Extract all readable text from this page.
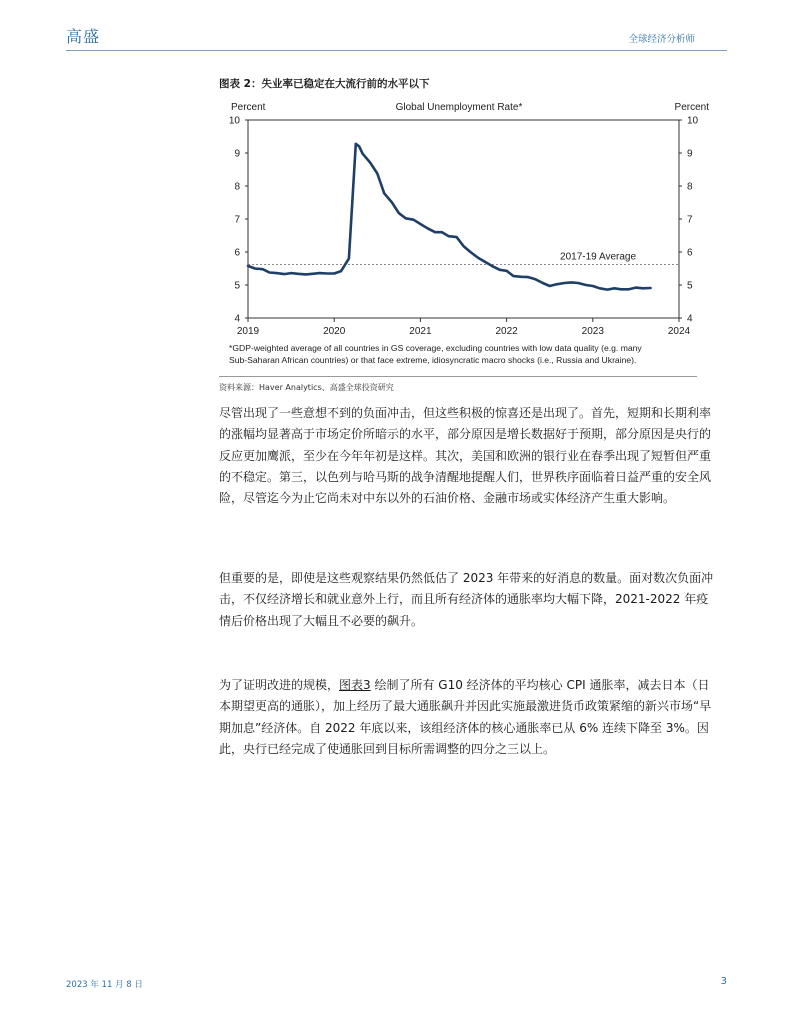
高盛	全球经济分析师
图表 2：失业率已稳定在大流行前的水平以下
Global Unemployment Rate*
Percent	Percent
*GDP-weighted average of all countries in GS coverage, excluding countries with low data quality (e.g. many
Sub-Saharan African countries) or that face extreme, idiosyncratic macro shocks (i.e., Russia and Ukraine).
4	4
5	5
6	6
7	7
8	8
9	9
10	10
2019	2020	2021	2022	2023	2024
2017-19 Average
资料来源：Haver Analytics、高盛全球投资研究

尽管出现了一些意想不到的负面冲击，但这些积极的惊喜还是出现了。首先，短期和长期利率的涨幅均显著高于市场定价所暗示的水平，部分原因是增长数据好于预期，部分原因是央行的反应更加鹰派，至少在今年年初是这样。其次，美国和欧洲的银行业在春季出现了短暂但严重的不稳定。第三，以色列与哈马斯的战争清醒地提醒人们，世界秩序面临着日益严重的安全风险，尽管迄今为止它尚未对中东以外的石油价格、金融市场或实体经济产生重大影响。

但重要的是，即使是这些观察结果仍然低估了 2023 年带来的好消息的数量。面对数次负面冲击，不仅经济增长和就业意外上行，而且所有经济体的通胀率均大幅下降，2021-2022 年疫情后价格出现了大幅且不必要的飙升。

为了证明改进的规模，图表3 绘制了所有 G10 经济体的平均核心 CPI 通胀率，减去日本（日本期望更高的通胀），加上经历了最大通胀飙升并因此实施最激进货币政策紧缩的新兴市场“早期加息”经济体。自 2022 年底以来，该组经济体的核心通胀率已从 6% 连续下降至 3%。因此，央行已经完成了使通胀回到目标所需调整的四分之三以上。

2023 年 11 月 8 日	3
